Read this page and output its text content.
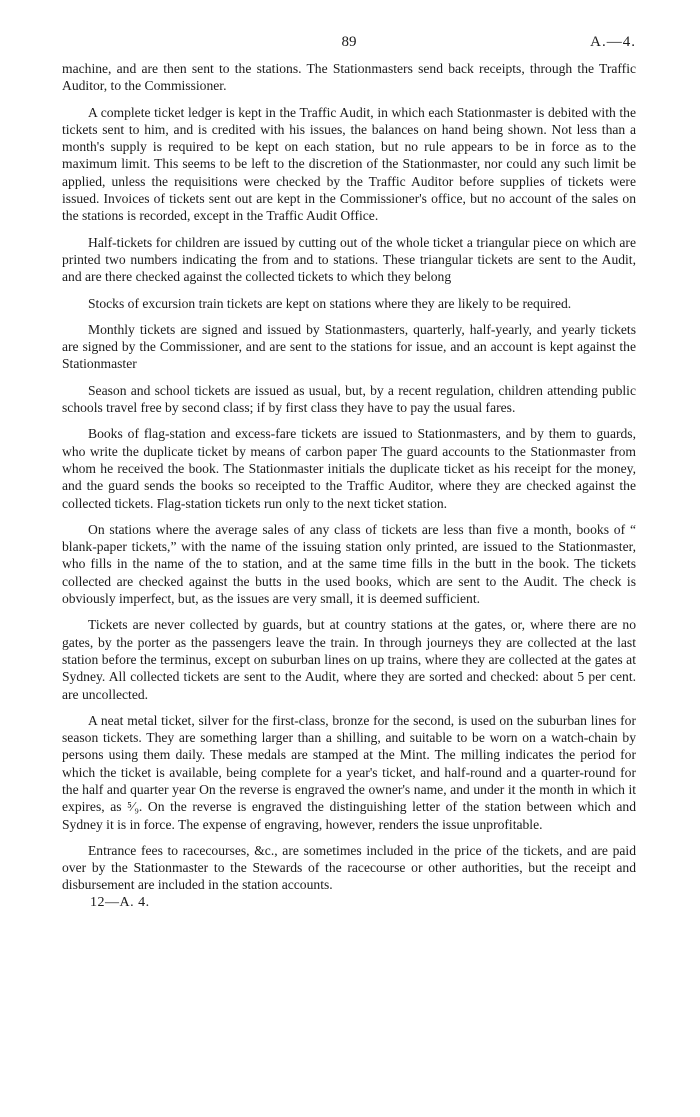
89	A.—4.

machine, and are then sent to the stations. The Stationmasters send back receipts, through the Traffic Auditor, to the Commissioner.

A complete ticket ledger is kept in the Traffic Audit, in which each Stationmaster is debited with the tickets sent to him, and is credited with his issues, the balances on hand being shown. Not less than a month's supply is required to be kept on each station, but no rule appears to be in force as to the maximum limit. This seems to be left to the discretion of the Stationmaster, nor could any such limit be applied, unless the requisitions were checked by the Traffic Auditor before supplies of tickets were issued. Invoices of tickets sent out are kept in the Commissioner's office, but no account of the sales on the stations is recorded, except in the Traffic Audit Office.

Half-tickets for children are issued by cutting out of the whole ticket a triangular piece on which are printed two numbers indicating the from and to stations. These triangular tickets are sent to the Audit, and are there checked against the collected tickets to which they belong

Stocks of excursion train tickets are kept on stations where they are likely to be required.

Monthly tickets are signed and issued by Stationmasters, quarterly, half-yearly, and yearly tickets are signed by the Commissioner, and are sent to the stations for issue, and an account is kept against the Stationmaster

Season and school tickets are issued as usual, but, by a recent regulation, children attending public schools travel free by second class; if by first class they have to pay the usual fares.

Books of flag-station and excess-fare tickets are issued to Stationmasters, and by them to guards, who write the duplicate ticket by means of carbon paper The guard accounts to the Stationmaster from whom he received the book. The Stationmaster initials the duplicate ticket as his receipt for the money, and the guard sends the books so receipted to the Traffic Auditor, where they are checked against the collected tickets. Flag-station tickets run only to the next ticket station.

On stations where the average sales of any class of tickets are less than five a month, books of “ blank-paper tickets,” with the name of the issuing station only printed, are issued to the Stationmaster, who fills in the name of the to station, and at the same time fills in the butt in the book. The tickets collected are checked against the butts in the used books, which are sent to the Audit. The check is obviously imperfect, but, as the issues are very small, it is deemed sufficient.

Tickets are never collected by guards, but at country stations at the gates, or, where there are no gates, by the porter as the passengers leave the train. In through journeys they are collected at the last station before the terminus, except on suburban lines on up trains, where they are collected at the gates at Sydney. All collected tickets are sent to the Audit, where they are sorted and checked: about 5 per cent. are uncollected.

A neat metal ticket, silver for the first-class, bronze for the second, is used on the suburban lines for season tickets. They are something larger than a shilling, and suitable to be worn on a watch-chain by persons using them daily. These medals are stamped at the Mint. The milling indicates the period for which the ticket is available, being complete for a year's ticket, and half-round and a quarter-round for the half and quarter year On the reverse is engraved the owner's name, and under it the month in which it expires, as ⁵⁄₉. On the reverse is engraved the distinguishing letter of the station between which and Sydney it is in force. The expense of engraving, however, renders the issue unprofitable.

Entrance fees to racecourses, &c., are sometimes included in the price of the tickets, and are paid over by the Stationmaster to the Stewards of the racecourse or other authorities, but the receipt and disbursement are included in the station accounts.

12—A. 4.
